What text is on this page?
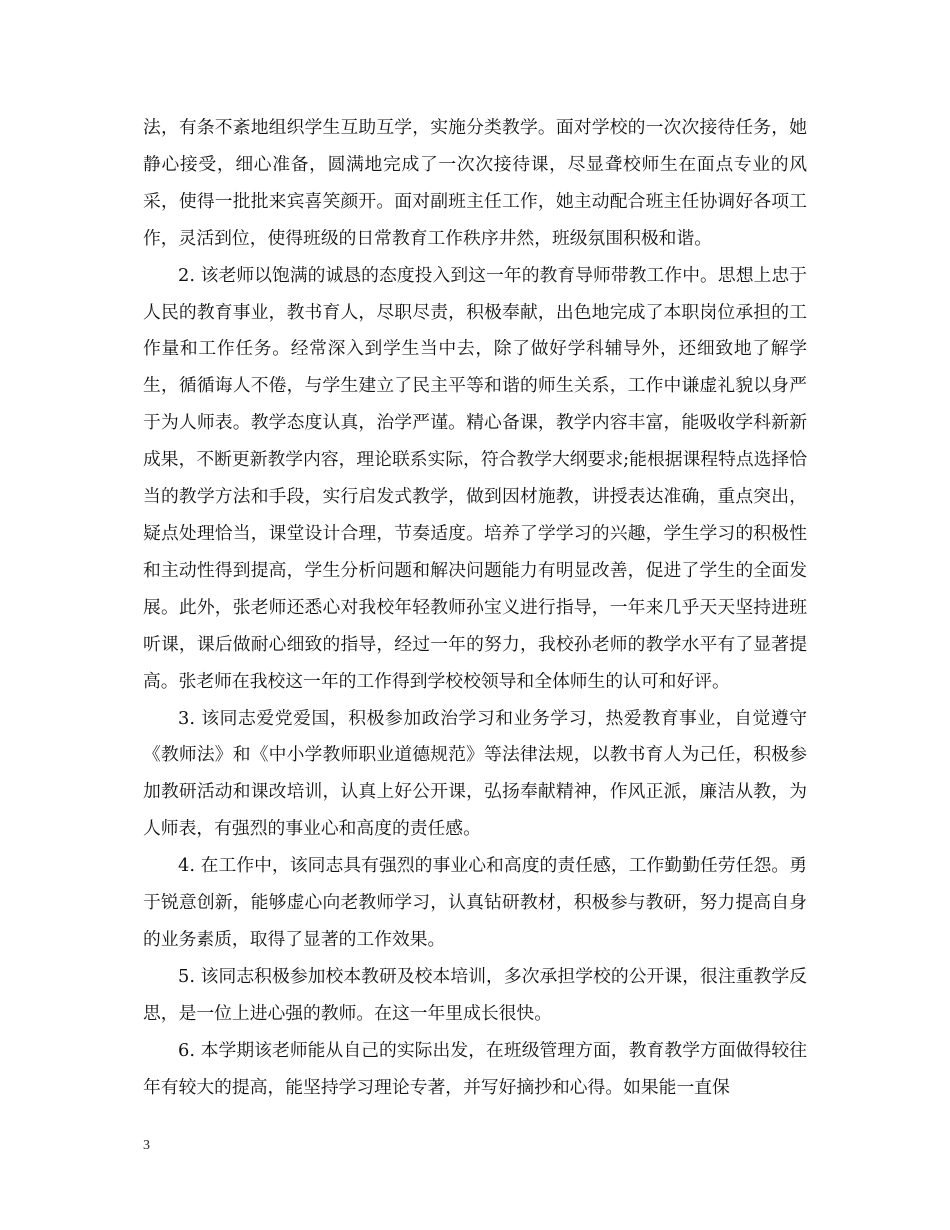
法，有条不紊地组织学生互助互学，实施分类教学。面对学校的一次次接待任务，她静心接受，细心准备，圆满地完成了一次次接待课，尽显聋校师生在面点专业的风采，使得一批批来宾喜笑颜开。面对副班主任工作，她主动配合班主任协调好各项工作，灵活到位，使得班级的日常教育工作秩序井然，班级氛围积极和谐。

2. 该老师以饱满的诚恳的态度投入到这一年的教育导师带教工作中。思想上忠于人民的教育事业，教书育人，尽职尽责，积极奉献，出色地完成了本职岗位承担的工作量和工作任务。经常深入到学生当中去，除了做好学科辅导外，还细致地了解学生，循循诲人不倦，与学生建立了民主平等和谐的师生关系，工作中谦虚礼貌以身严于为人师表。教学态度认真，治学严谨。精心备课，教学内容丰富，能吸收学科新新成果，不断更新教学内容，理论联系实际，符合教学大纲要求;能根据课程特点选择恰当的教学方法和手段，实行启发式教学，做到因材施教，讲授表达准确，重点突出，疑点处理恰当，课堂设计合理，节奏适度。培养了学学习的兴趣，学生学习的积极性和主动性得到提高，学生分析问题和解决问题能力有明显改善，促进了学生的全面发展。此外，张老师还悉心对我校年轻教师孙宝义进行指导，一年来几乎天天坚持进班听课，课后做耐心细致的指导，经过一年的努力，我校孙老师的教学水平有了显著提高。张老师在我校这一年的工作得到学校校领导和全体师生的认可和好评。

3. 该同志爱党爱国，积极参加政治学习和业务学习，热爱教育事业，自觉遵守《教师法》和《中小学教师职业道德规范》等法律法规，以教书育人为己任，积极参加教研活动和课改培训，认真上好公开课，弘扬奉献精神，作风正派，廉洁从教，为人师表，有强烈的事业心和高度的责任感。

4. 在工作中，该同志具有强烈的事业心和高度的责任感，工作勤勤任劳任怨。勇于锐意创新，能够虚心向老教师学习，认真钻研教材，积极参与教研，努力提高自身的业务素质，取得了显著的工作效果。

5. 该同志积极参加校本教研及校本培训，多次承担学校的公开课，很注重教学反思，是一位上进心强的教师。在这一年里成长很快。

6. 本学期该老师能从自己的实际出发，在班级管理方面，教育教学方面做得较往年有较大的提高，能坚持学习理论专著，并写好摘抄和心得。如果能一直保

3
